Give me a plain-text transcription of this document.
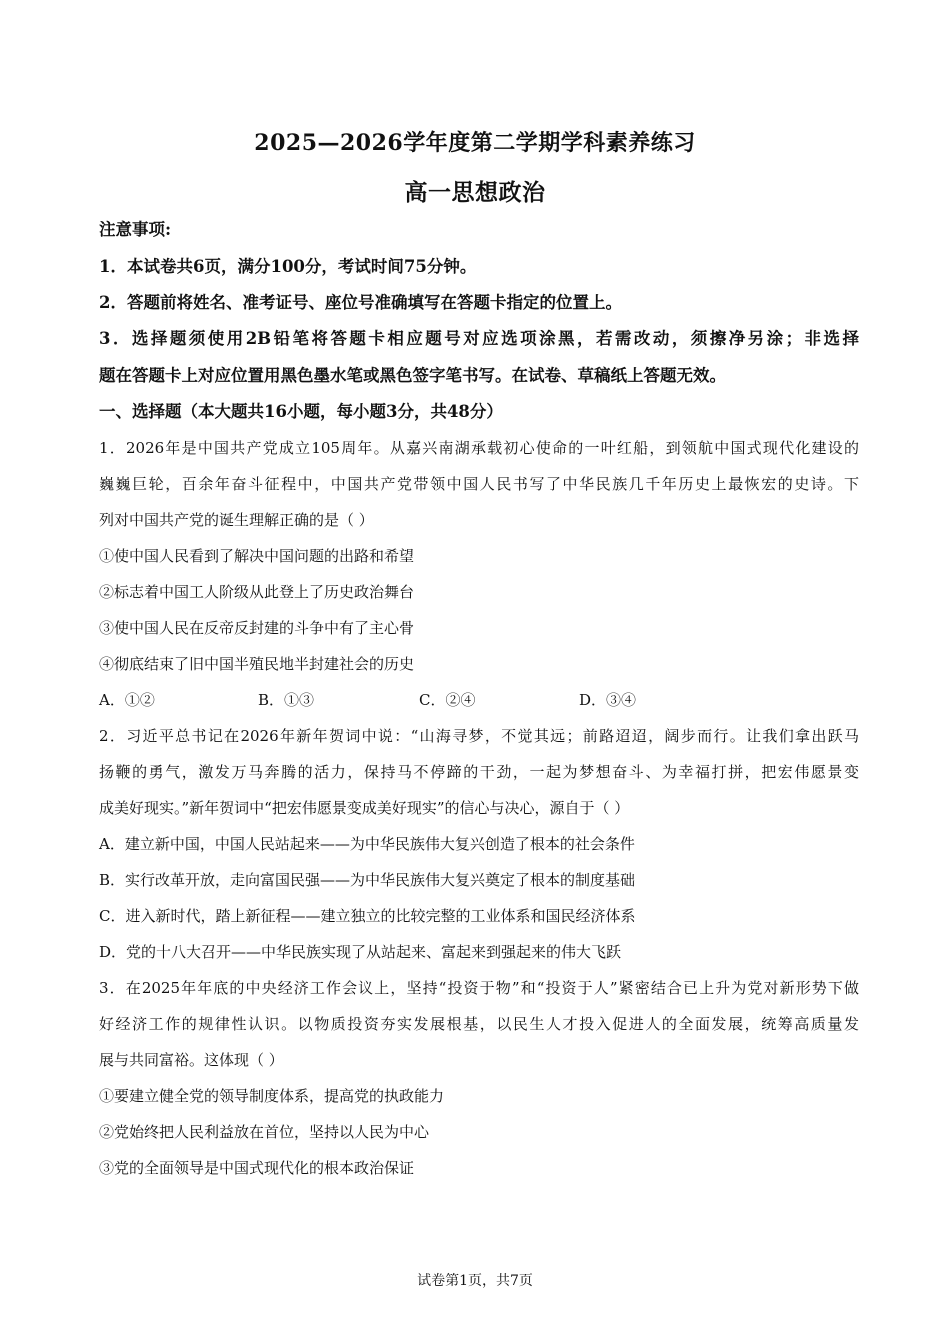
2025—2026学年度第二学期学科素养练习
高一思想政治
注意事项:
1．本试卷共6页，满分100分，考试时间75分钟。
2．答题前将姓名、准考证号、座位号准确填写在答题卡指定的位置上。
3．选择题须使用2B铅笔将答题卡相应题号对应选项涂黑，若需改动，须擦净另涂；非选择
题在答题卡上对应位置用黑色墨水笔或黑色签字笔书写。在试卷、草稿纸上答题无效。
一、选择题（本大题共16小题，每小题3分，共48分）
1．2026年是中国共产党成立105周年。从嘉兴南湖承载初心使命的一叶红船，到领航中国式现代化建设的
巍巍巨轮，百余年奋斗征程中，中国共产党带领中国人民书写了中华民族几千年历史上最恢宏的史诗。下
列对中国共产党的诞生理解正确的是（ ）
①使中国人民看到了解决中国问题的出路和希望
②标志着中国工人阶级从此登上了历史政治舞台
③使中国人民在反帝反封建的斗争中有了主心骨
④彻底结束了旧中国半殖民地半封建社会的历史
A．①②	B．①③	C．②④	D．③④
2．习近平总书记在2026年新年贺词中说：“山海寻梦，不觉其远；前路迢迢，阔步而行。让我们拿出跃马
扬鞭的勇气，激发万马奔腾的活力，保持马不停蹄的干劲，一起为梦想奋斗、为幸福打拼，把宏伟愿景变
成美好现实。”新年贺词中“把宏伟愿景变成美好现实”的信心与决心，源自于（ ）
A．建立新中国，中国人民站起来——为中华民族伟大复兴创造了根本的社会条件
B．实行改革开放，走向富国民强——为中华民族伟大复兴奠定了根本的制度基础
C．进入新时代，踏上新征程——建立独立的比较完整的工业体系和国民经济体系
D．党的十八大召开——中华民族实现了从站起来、富起来到强起来的伟大飞跃
3．在2025年年底的中央经济工作会议上，坚持“投资于物”和“投资于人”紧密结合已上升为党对新形势下做
好经济工作的规律性认识。以物质投资夯实发展根基，以民生人才投入促进人的全面发展，统筹高质量发
展与共同富裕。这体现（ ）
①要建立健全党的领导制度体系，提高党的执政能力
②党始终把人民利益放在首位，坚持以人民为中心
③党的全面领导是中国式现代化的根本政治保证
试卷第1页，共7页
